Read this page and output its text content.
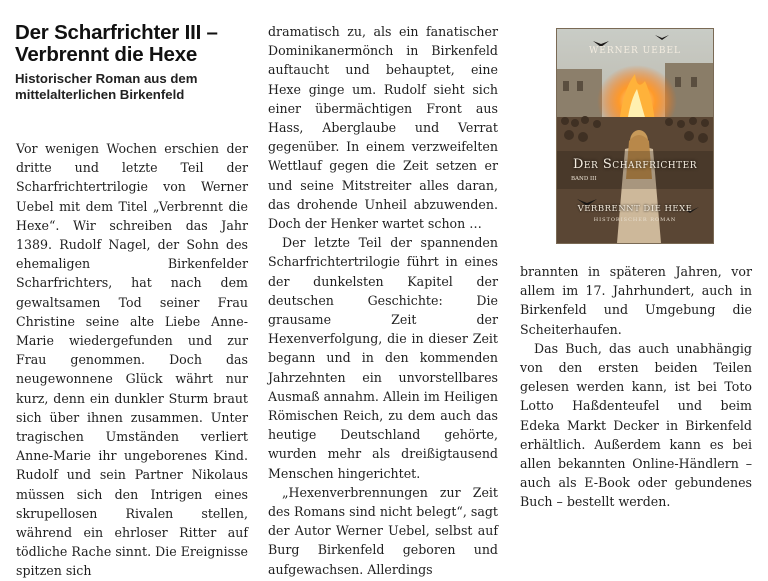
Der Scharfrichter III – Verbrennt die Hexe
Historischer Roman aus dem mittelalterlichen Birkenfeld

Vor wenigen Wochen erschien der dritte und letzte Teil der Scharfrichtertrilogie von Werner Uebel mit dem Titel „Verbrennt die Hexe“. Wir schreiben das Jahr 1389. Rudolf Nagel, der Sohn des ehemaligen Birkenfelder Scharfrichters, hat nach dem gewaltsamen Tod seiner Frau Christine seine alte Liebe Anne-Marie wiedergefunden und zur Frau genommen. Doch das neugewonnene Glück währt nur kurz, denn ein dunkler Sturm braut sich über ihnen zusammen. Unter tragischen Umständen verliert Anne-Marie ihr ungeborenes Kind. Rudolf und sein Partner Nikolaus müssen sich den Intrigen eines skrupellosen Rivalen stellen, während ein ehrloser Ritter auf tödliche Rache sinnt. Die Ereignisse spitzen sich

dramatisch zu, als ein fanatischer Dominikanermönch in Birkenfeld auftaucht und behauptet, eine Hexe ginge um. Rudolf sieht sich einer übermächtigen Front aus Hass, Aberglaube und Verrat gegenüber. In einem verzweifelten Wettlauf gegen die Zeit setzen er und seine Mitstreiter alles daran, das drohende Unheil abzuwenden. Doch der Henker wartet schon …

Der letzte Teil der spannenden Scharfrichtertrilogie führt in eines der dunkelsten Kapitel der deutschen Geschichte: Die grausame Zeit der Hexenverfolgung, die in dieser Zeit begann und in den kommenden Jahrzehnten ein unvorstellbares Ausmaß annahm. Allein im Heiligen Römischen Reich, zu dem auch das heutige Deutschland gehörte, wurden mehr als dreißigtausend Menschen hingerichtet.

„Hexenverbrennungen zur Zeit des Romans sind nicht belegt“, sagt der Autor Werner Uebel, selbst auf Burg Birkenfeld geboren und aufgewachsen. Allerdings

brannten in späteren Jahren, vor allem im 17. Jahrhundert, auch in Birkenfeld und Umgebung die Scheiterhaufen.

Das Buch, das auch unabhängig von den ersten beiden Teilen gelesen werden kann, ist bei Toto Lotto Haßdenteufel und beim Edeka Markt Decker in Birkenfeld erhältlich. Außerdem kann es bei allen bekannten Online-Händlern – auch als E-Book oder gebundenes Buch – bestellt werden.

WERNER UEBEL
Der Scharfrichter
BAND III
VERBRENNT DIE HEXE
HISTORISCHER ROMAN
